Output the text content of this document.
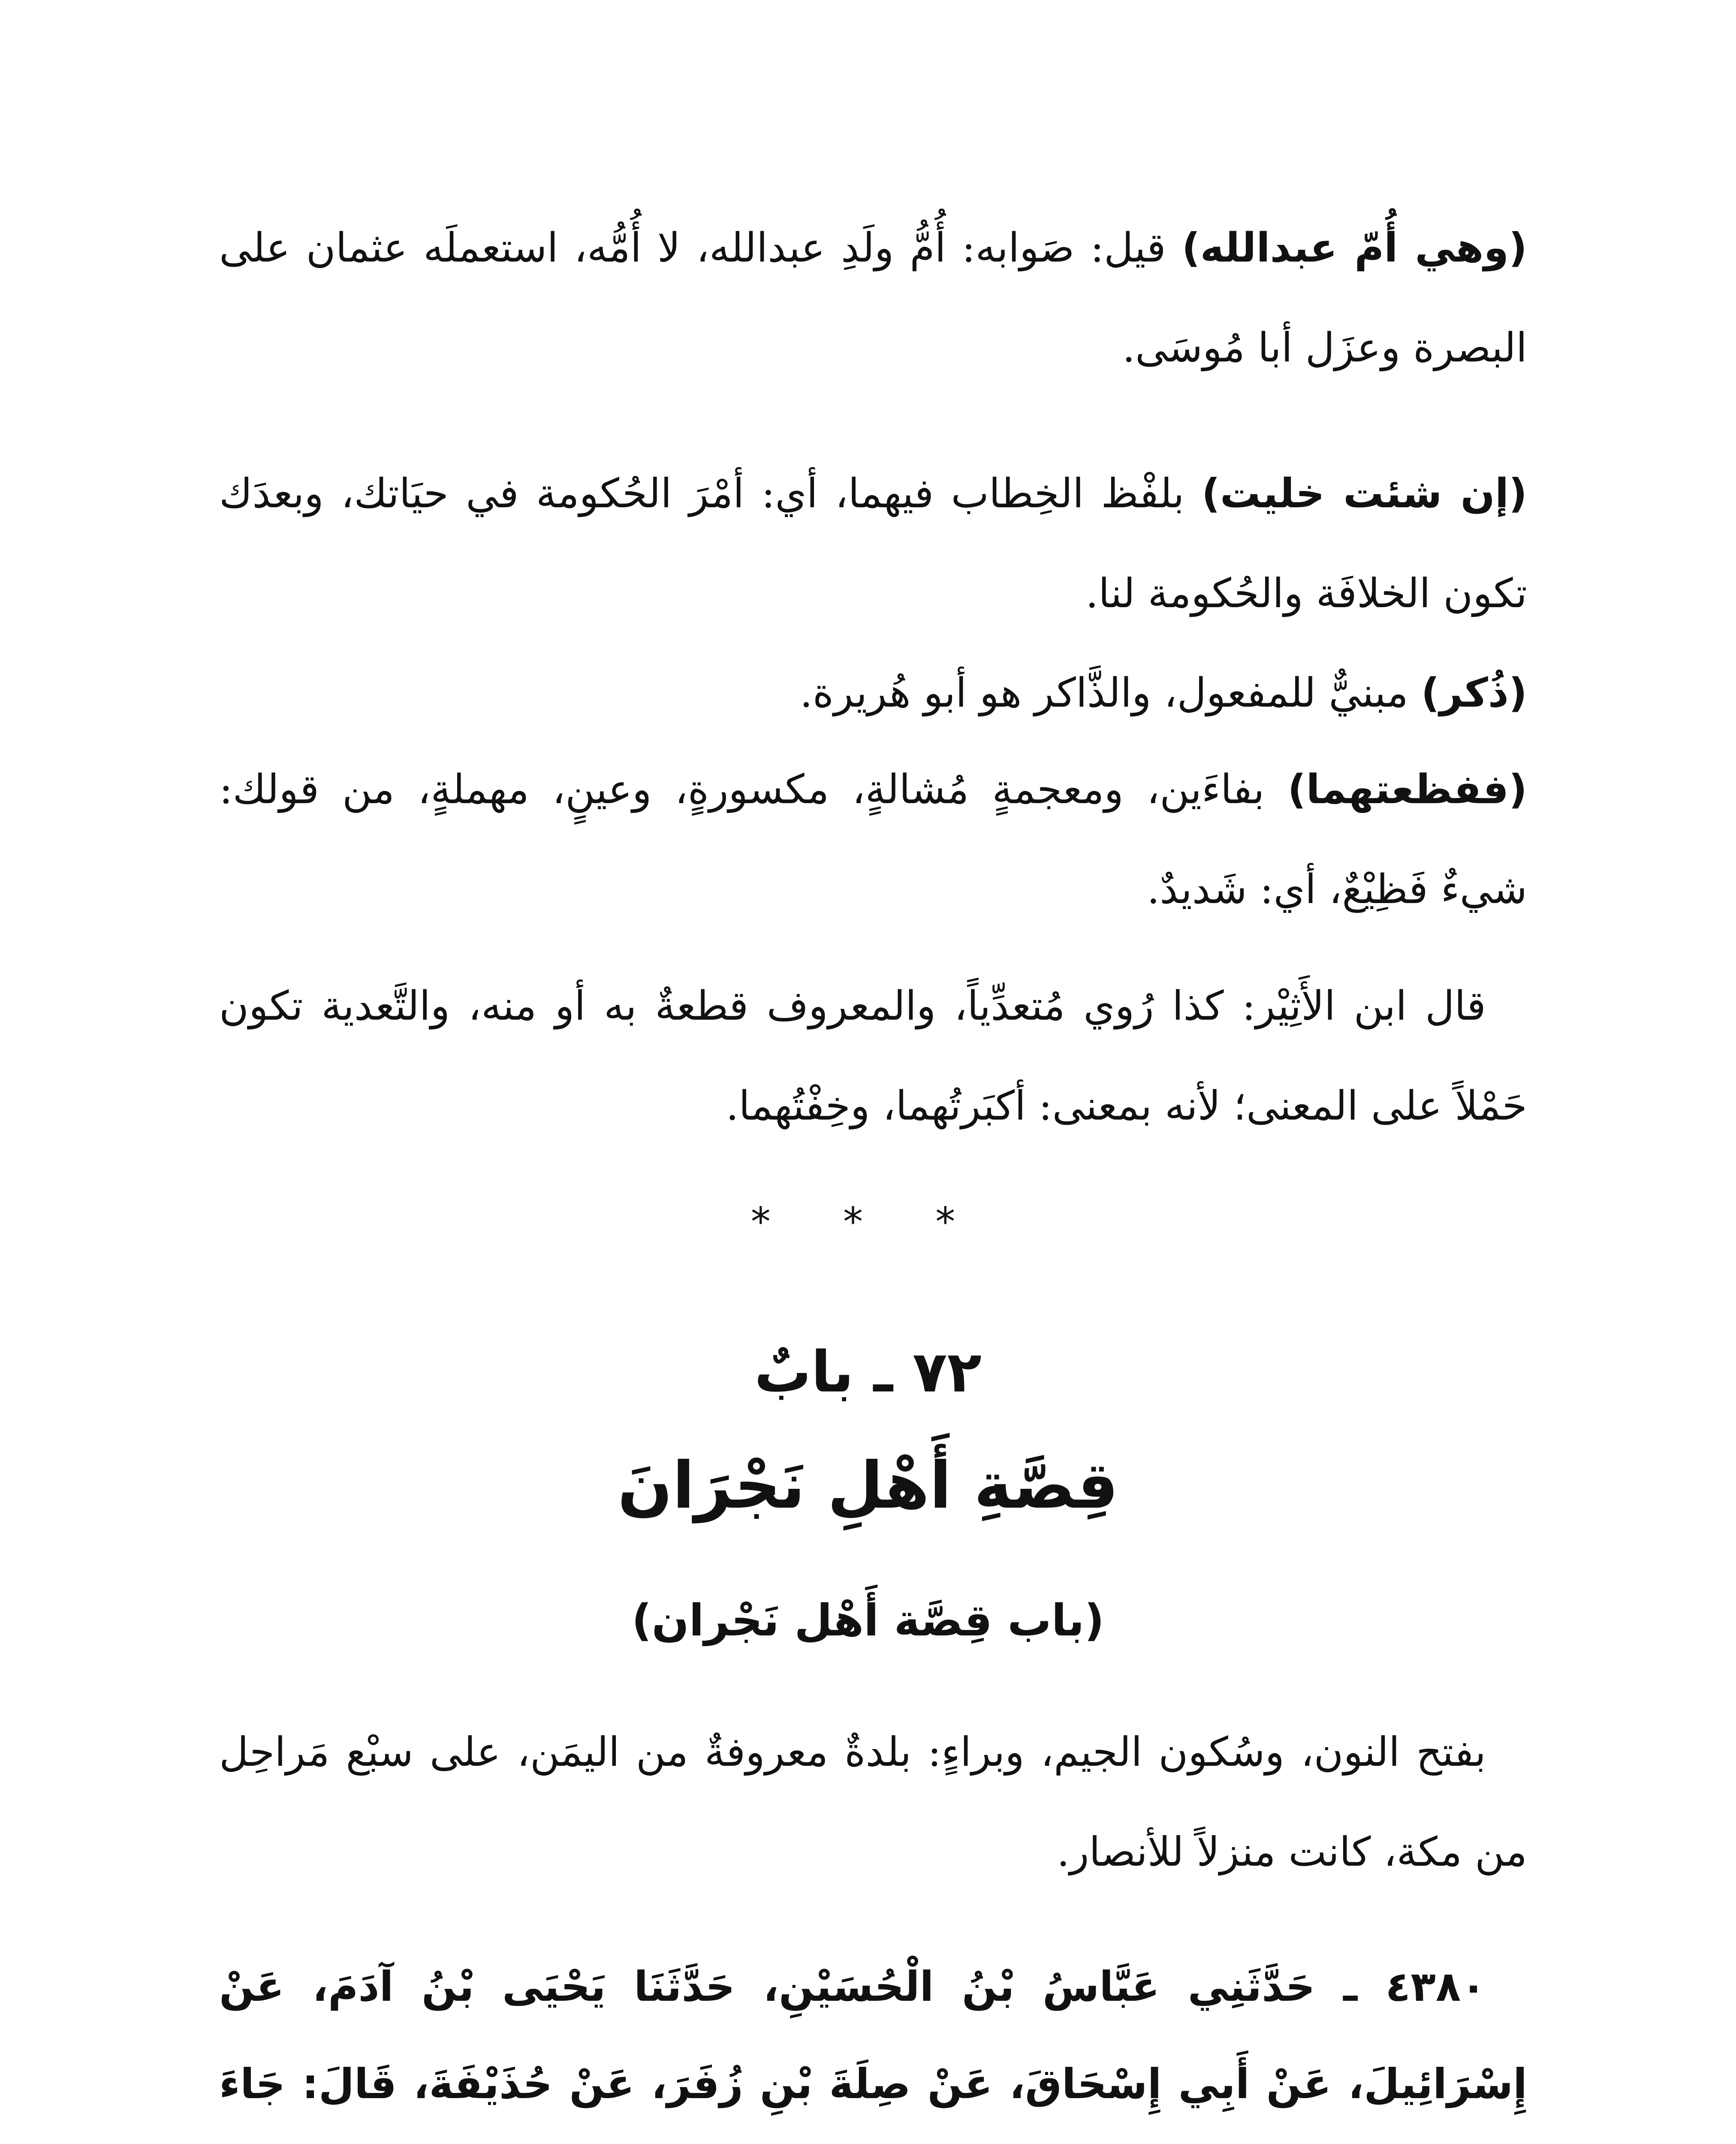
(وهي أُمّ عبدالله) قيل: صَوابه: أُمُّ ولَدِ عبدالله، لا أُمُّه، استعملَه عثمان على البصرة وعزَل أبا مُوسَى.

(إن شئت خليت) بلفْظ الخِطاب فيهما، أي: أمْرَ الحُكومة في حيَاتك، وبعدَك تكون الخلافَة والحُكومة لنا.

(ذُكر) مبنيٌّ للمفعول، والذَّاكر هو أبو هُريرة.

(ففظعتهما) بفاءَين، ومعجمةٍ مُشالةٍ، مكسورةٍ، وعينٍ، مهملةٍ، من قولك: شيءٌ فَظِيْعٌ، أي: شَديدٌ.

قال ابن الأَثِيْر: كذا رُوي مُتعدِّياً، والمعروف قطعةٌ به أو منه، والتَّعدية تكون حَمْلاً على المعنى؛ لأنه بمعنى: أكبَرتُهما، وخِفْتُهما.

* * *
٧٢ ـ بابٌ
قِصَّةِ أَهْلِ نَجْرَانَ
(باب قِصَّة أَهْل نَجْران)

بفتح النون، وسُكون الجيم، وبراءٍ: بلدةٌ معروفةٌ من اليمَن، على سبْع مَراحِل من مكة، كانت منزلاً للأنصار.

٤٣٨٠ ـ حَدَّثَنِي عَبَّاسُ بْنُ الْحُسَيْنِ، حَدَّثَنَا يَحْيَى بْنُ آدَمَ، عَنْ إِسْرَائِيلَ، عَنْ أَبِي إِسْحَاقَ، عَنْ صِلَةَ بْنِ زُفَرَ، عَنْ حُذَيْفَةَ، قَالَ: جَاءَ
